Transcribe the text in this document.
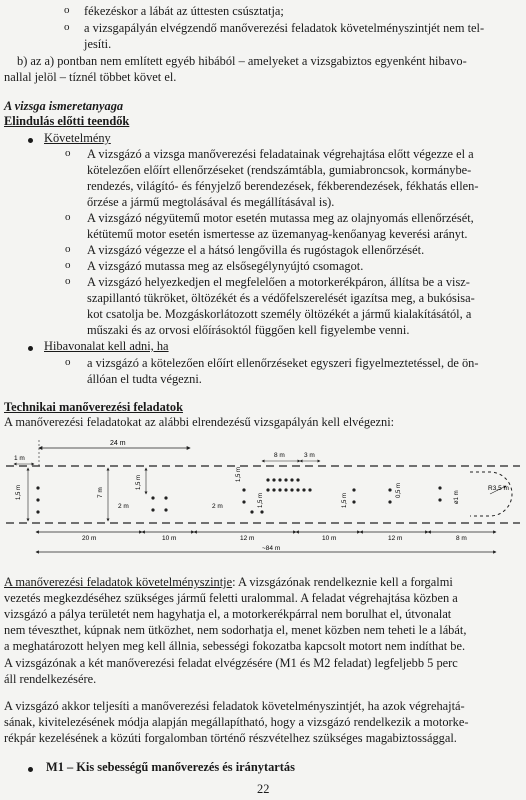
o fékezéskor a lábát az úttesten csúsztatja;
o a vizsgapályán elvégzendő manőverezési feladatok követelményszintjét nem tel-
jesíti.
b) az a) pontban nem említett egyéb hibából – amelyeket a vizsgabiztos egyenként hibavo-
nallal jelöl – tíznél többet követ el.
A vizsga ismeretanyaga
Elindulás előtti teendők
Követelmény
o A vizsgázó a vizsga manőverezési feladatainak végrehajtása előtt végezze el a
kötelezően előírt ellenőrzéseket (rendszámtábla, gumiabroncsok, kormánybe-
rendezés, világító- és fényjelző berendezések, fékberendezések, fékhatás ellen-
őrzése a jármű megtolásával és megállításával is).
o A vizsgázó négyütemű motor esetén mutassa meg az olajnyomás ellenőrzését,
kétütemű motor esetén ismertesse az üzemanyag-kenőanyag keverési arányt.
o A vizsgázó végezze el a hátsó lengővilla és rugóstagok ellenőrzését.
o A vizsgázó mutassa meg az elsősegélynyújtó csomagot.
o A vizsgázó helyezkedjen el megfelelően a motorkerékpáron, állítsa be a visz-
szapillantó tükröket, öltözékét és a védőfelszerelését igazítsa meg, a bukósisa-
kot csatolja be. Mozgáskorlátozott személy öltözékét a jármű kialakításától, a
műszaki és az orvosi előírásoktól függően kell figyelembe venni.
Hibavonalat kell adni, ha
o a vizsgázó a kötelezően előírt ellenőrzéseket egyszeri figyelmeztetéssel, de ön-
állóan el tudta végezni.
Technikai manőverezési feladatok
A manőverezési feladatokat az alábbi elrendezésű vizsgapályán kell elvégezni:
24 m
1 m	8 m	3 m
1,5 m	7 m
1,5 m
2 m	2 m
1,5 m
1,5 m	1,5 m
0,5 m	ø1 m
R3,5 m
20 m	10 m	12 m	10 m	12 m	8 m
~84 m
A manőverezési feladatok követelményszintje: A vizsgázónak rendelkeznie kell a forgalmi
vezetés megkezdéséhez szükséges jármű feletti uralommal. A feladat végrehajtása közben a
vizsgázó a pálya területét nem hagyhatja el, a motorkerékpárral nem borulhat el, útvonalat
nem téveszthet, kúpnak nem ütközhet, nem sodorhatja el, menet közben nem teheti le a lábát,
a meghatározott helyen meg kell állnia, sebességi fokozatba kapcsolt motort nem indíthat be.
A vizsgázónak a két manőverezési feladat elvégzésére (M1 és M2 feladat) legfeljebb 5 perc
áll rendelkezésére.
A vizsgázó akkor teljesíti a manőverezési feladatok követelményszintjét, ha azok végrehajtá-
sának, kivitelezésének módja alapján megállapítható, hogy a vizsgázó rendelkezik a motorke-
rékpár kezelésének a közúti forgalomban történő részvételhez szükséges magabiztossággal.
M1 – Kis sebességű manőverezés és iránytartás
22
